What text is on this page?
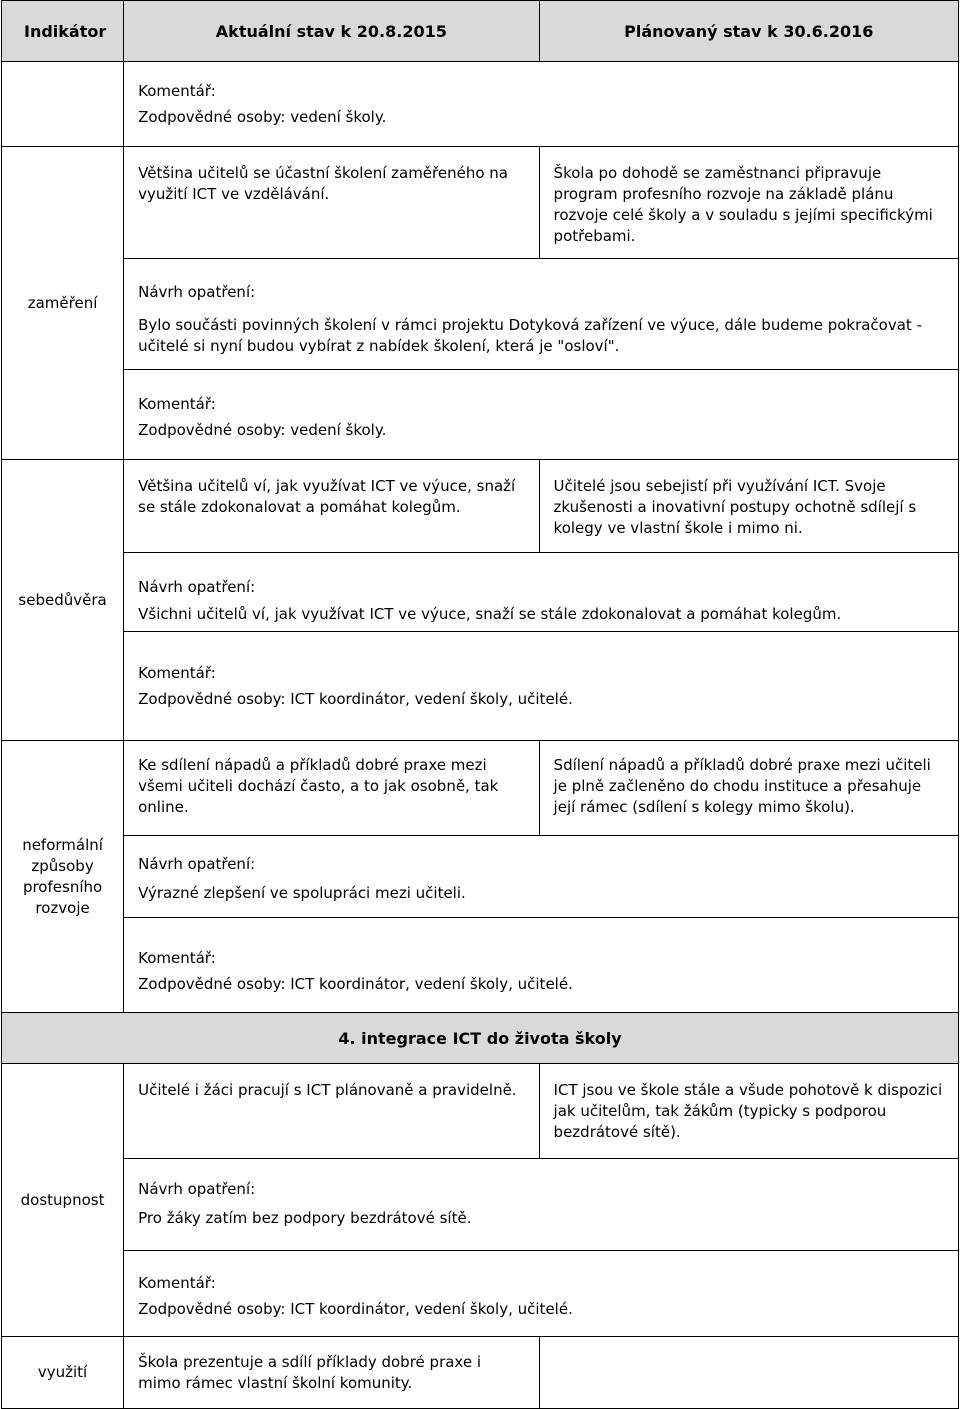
Indikátor	Aktuální stav k 20.8.2015	Plánovaný stav k 30.6.2016

	Komentář:
Zodpovědné osoby: vedení školy.	

zaměření	Většina učitelů se účastní školení zaměřeného na využití ICT ve vzdělávání.	Škola po dohodě se zaměstnanci připravuje program profesního rozvoje na základě plánu rozvoje celé školy a v souladu s jejími specifickými potřebami.

	Návrh opatření:
Bylo součásti povinných školení v rámci projektu Dotyková zařízení ve výuce, dále budeme pokračovat - učitelé si nyní budou vybírat z nabídek školení, která je "osloví".	

	Komentář:
Zodpovědné osoby: vedení školy.	

sebedůvěra	Většina učitelů ví, jak využívat ICT ve výuce, snaží se stále zdokonalovat a pomáhat kolegům.	Učitelé jsou sebejistí při využívání ICT. Svoje zkušenosti a inovativní postupy ochotně sdílejí s kolegy ve vlastní škole i mimo ni.

	Návrh opatření:
Všichni učitelů ví, jak využívat ICT ve výuce, snaží se stále zdokonalovat a pomáhat kolegům.	

	Komentář:
Zodpovědné osoby: ICT koordinátor, vedení školy, učitelé.	

neformální způsoby profesního rozvoje	Ke sdílení nápadů a příkladů dobré praxe mezi všemi učiteli dochází často, a to jak osobně, tak online.	Sdílení nápadů a příkladů dobré praxe mezi učiteli je plně začleněno do chodu instituce a přesahuje její rámec (sdílení s kolegy mimo školu).

	Návrh opatření:
Výrazné zlepšení ve spolupráci mezi učiteli.	

	Komentář:
Zodpovědné osoby: ICT koordinátor, vedení školy, učitelé.	

4. integrace ICT do života školy		
dostupnost	Učitelé i žáci pracují s ICT plánovaně a pravidelně.	ICT jsou ve škole stále a všude pohotově k dispozici jak učitelům, tak žákům (typicky s podporou bezdrátové sítě).

	Návrh opatření:
Pro žáky zatím bez podpory bezdrátové sítě.	

	Komentář:
Zodpovědné osoby: ICT koordinátor, vedení školy, učitelé.	

využití	Škola prezentuje a sdílí příklady dobré praxe i mimo rámec vlastní školní komunity.	
